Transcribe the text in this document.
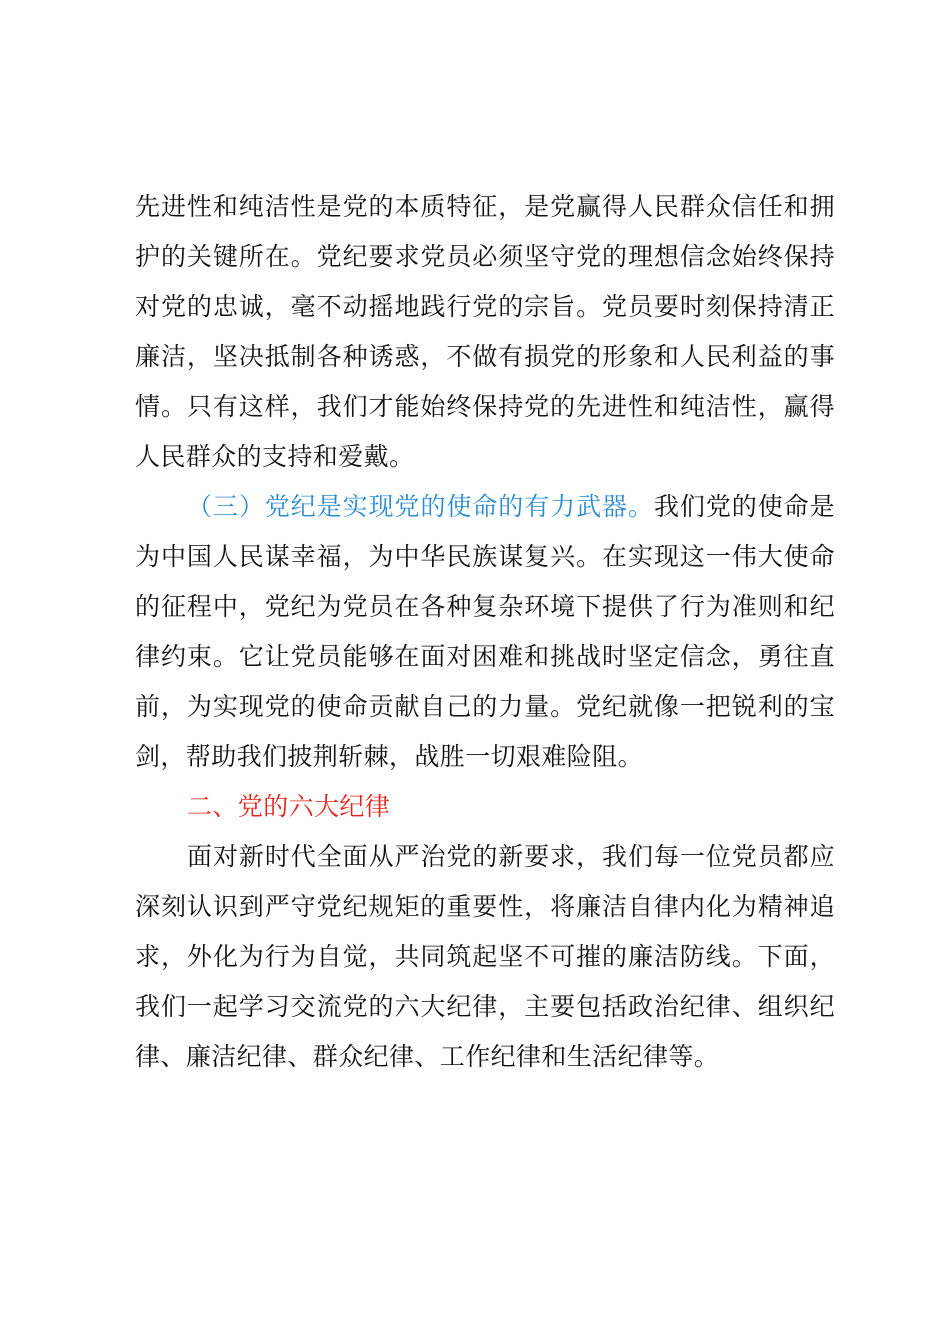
先进性和纯洁性是党的本质特征，是党赢得人民群众信任和拥护的关键所在。党纪要求党员必须坚守党的理想信念始终保持对党的忠诚，毫不动摇地践行党的宗旨。党员要时刻保持清正廉洁，坚决抵制各种诱惑，不做有损党的形象和人民利益的事情。只有这样，我们才能始终保持党的先进性和纯洁性，赢得人民群众的支持和爱戴。

（三）党纪是实现党的使命的有力武器。我们党的使命是为中国人民谋幸福，为中华民族谋复兴。在实现这一伟大使命的征程中，党纪为党员在各种复杂环境下提供了行为准则和纪律约束。它让党员能够在面对困难和挑战时坚定信念，勇往直前，为实现党的使命贡献自己的力量。党纪就像一把锐利的宝剑，帮助我们披荆斩棘，战胜一切艰难险阻。

二、党的六大纪律

面对新时代全面从严治党的新要求，我们每一位党员都应深刻认识到严守党纪规矩的重要性，将廉洁自律内化为精神追求，外化为行为自觉，共同筑起坚不可摧的廉洁防线。下面，我们一起学习交流党的六大纪律，主要包括政治纪律、组织纪律、廉洁纪律、群众纪律、工作纪律和生活纪律等。
